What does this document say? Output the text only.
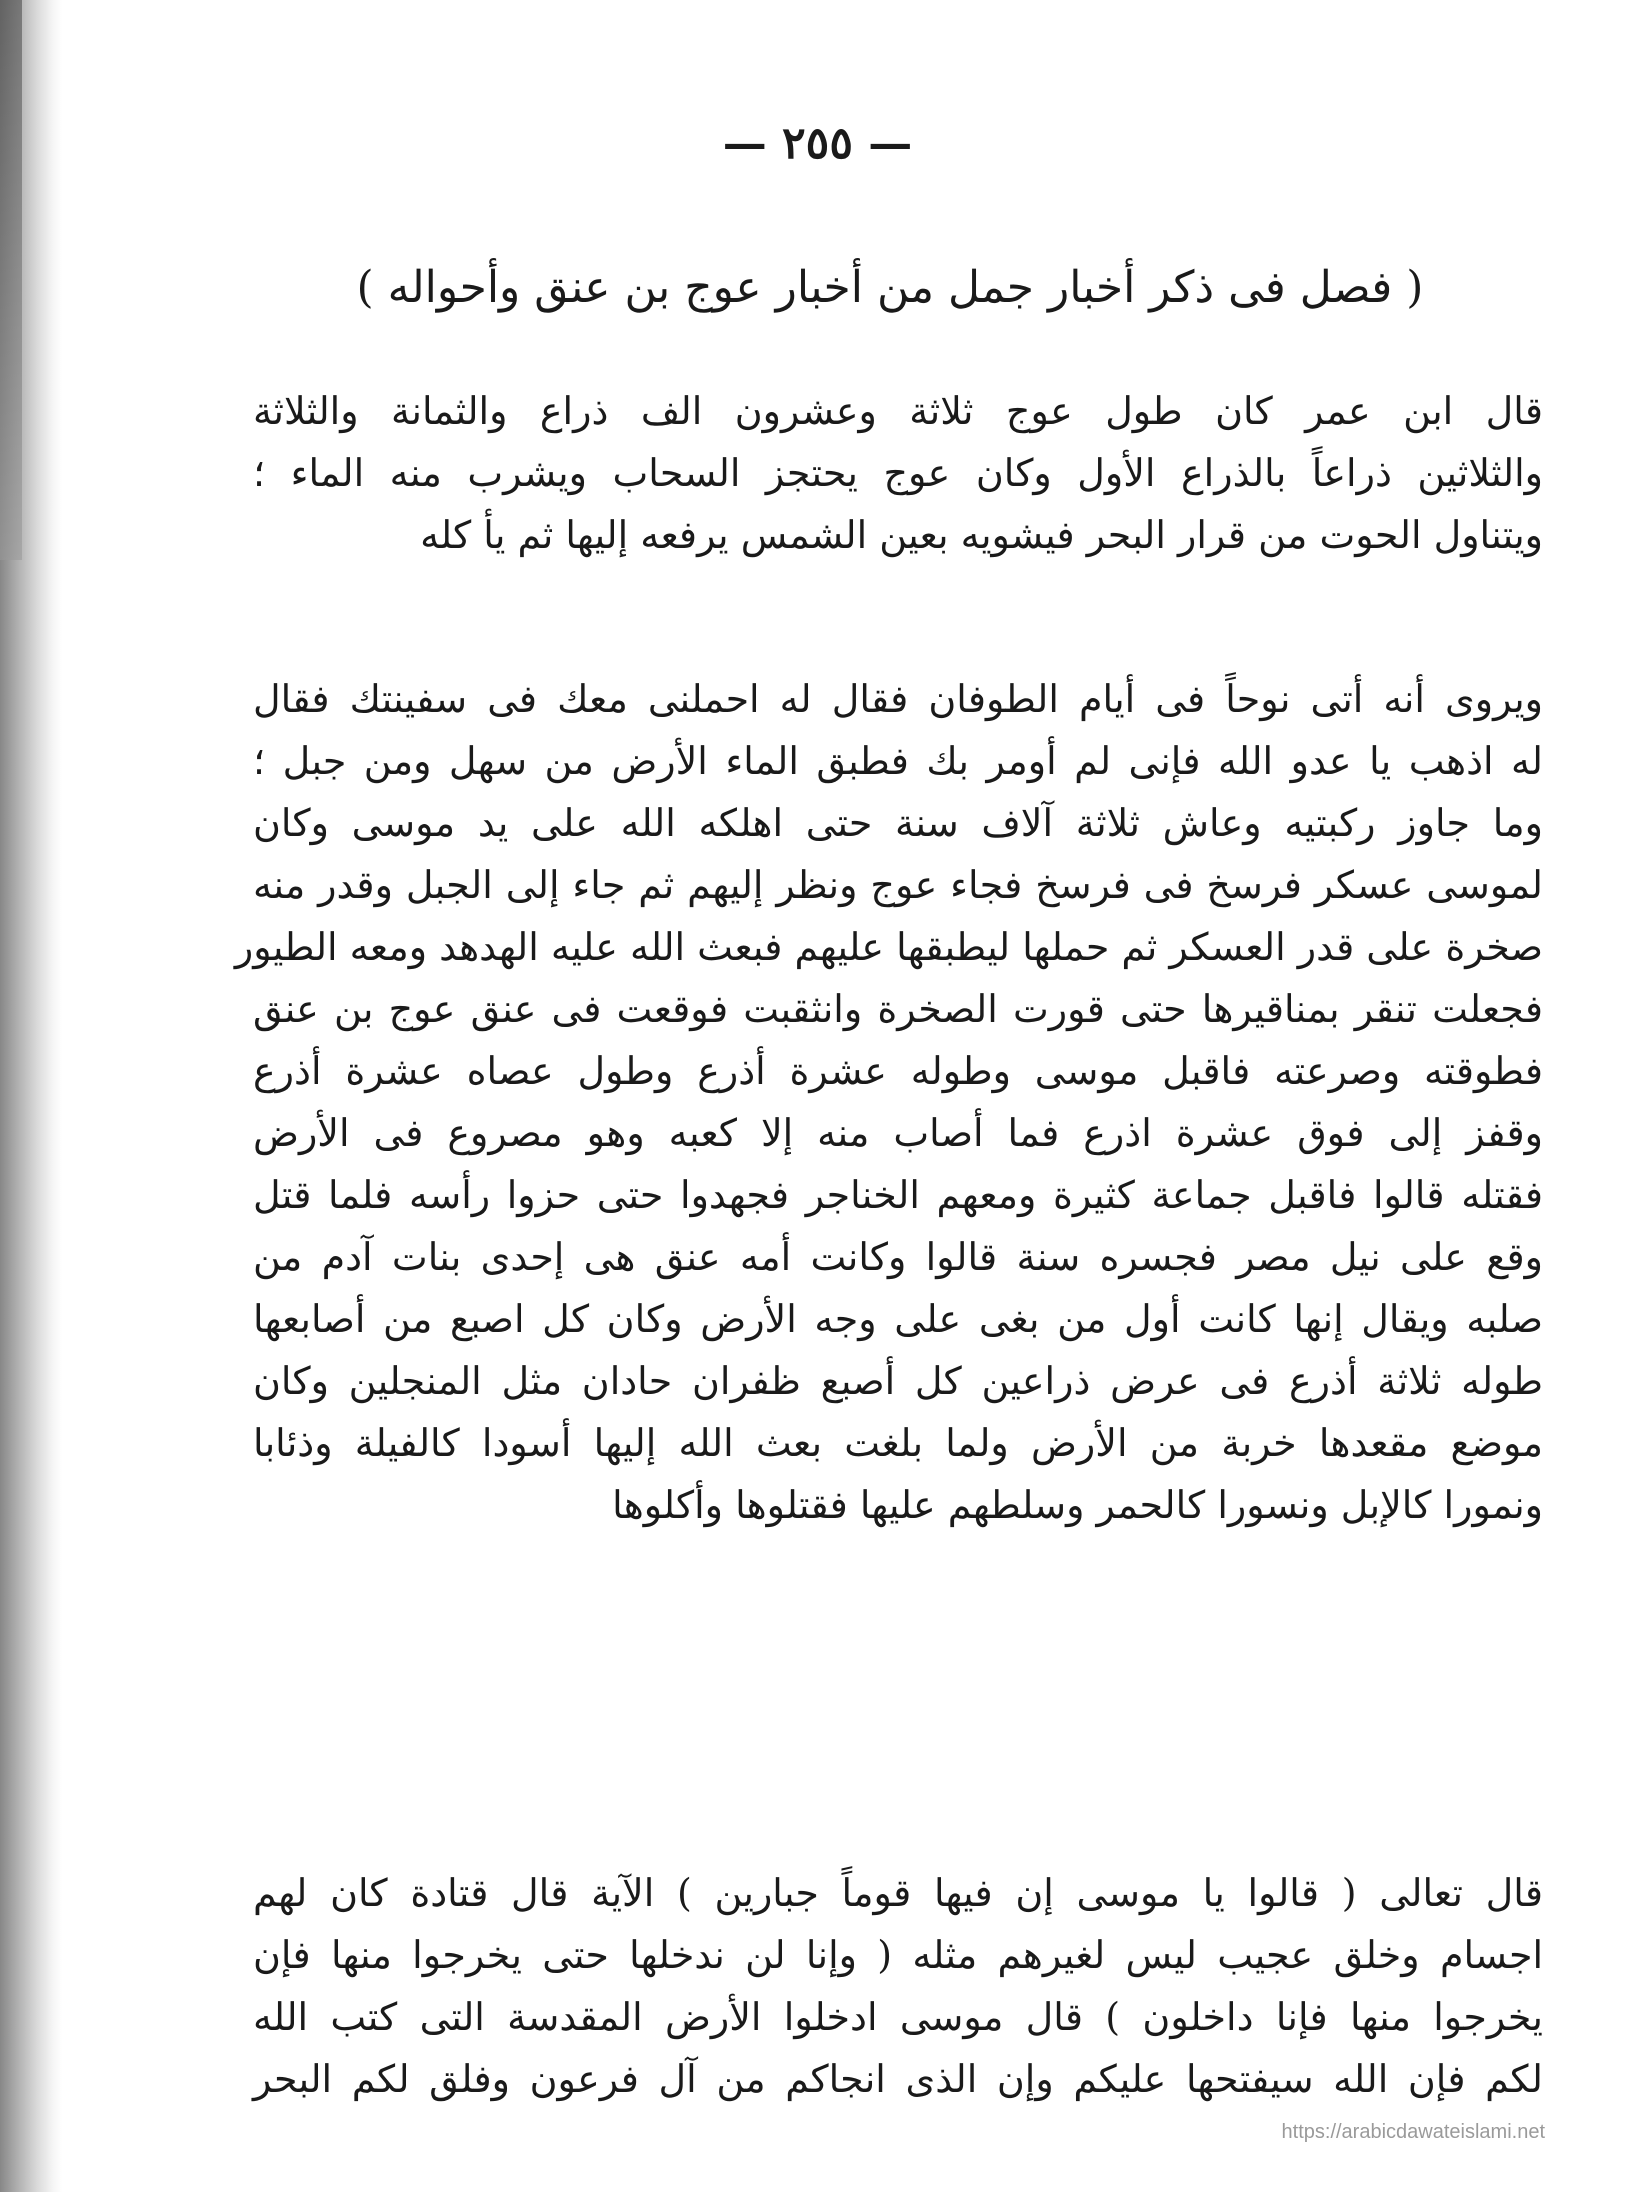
— ٢٥٥ —
( فصل فى ذكر أخبار جمل من أخبار عوج بن عنق وأحواله )
قال ابن عمر كان طول عوج ثلاثة وعشرون الف ذراع والثمانة والثلاثة
والثلاثين ذراعاً بالذراع الأول وكان عوج يحتجز السحاب ويشرب منه الماء ؛
ويتناول الحوت من قرار البحر فيشويه بعين الشمس يرفعه إليها ثم يأ كله
ويروى أنه أتى نوحاً فى أيام الطوفان فقال له احملنى معك فى سفينتك فقال
له اذهب يا عدو الله فإنى لم أومر بك فطبق الماء الأرض من سهل ومن جبل ؛
وما جاوز ركبتيه وعاش ثلاثة آلاف سنة حتى اهلكه الله على يد موسى وكان
لموسى عسكر فرسخ فى فرسخ فجاء عوج ونظر إليهم ثم جاء إلى الجبل وقدر منه
صخرة على قدر العسكر ثم حملها ليطبقها عليهم فبعث الله عليه الهدهد ومعه الطيور
فجعلت تنقر بمناقيرها حتى قورت الصخرة وانثقبت فوقعت فى عنق عوج بن عنق
فطوقته وصرعته فاقبل موسى وطوله عشرة أذرع وطول عصاه عشرة أذرع
وقفز إلى فوق عشرة اذرع فما أصاب منه إلا كعبه وهو مصروع فى الأرض
فقتله قالوا فاقبل جماعة كثيرة ومعهم الخناجر فجهدوا حتى حزوا رأسه فلما قتل
وقع على نيل مصر فجسره سنة قالوا وكانت أمه عنق هى إحدى بنات آدم من
صلبه ويقال إنها كانت أول من بغى على وجه الأرض وكان كل اصبع من أصابعها
طوله ثلاثة أذرع فى عرض ذراعين كل أصبع ظفران حادان مثل المنجلين وكان
موضع مقعدها خربة من الأرض ولما بلغت بعث الله إليها أسودا كالفيلة وذئابا
ونمورا كالإبل ونسورا كالحمر وسلطهم عليها فقتلوها وأكلوها
قال تعالى ( قالوا يا موسى إن فيها قوماً جبارين ) الآية قال قتادة كان لهم
اجسام وخلق عجيب ليس لغيرهم مثله ( وإنا لن ندخلها حتى يخرجوا منها فإن
يخرجوا منها فإنا داخلون ) قال موسى ادخلوا الأرض المقدسة التى كتب الله
لكم فإن الله سيفتحها عليكم وإن الذى انجاكم من آل فرعون وفلق لكم البحر
https://arabicdawateislami.net
